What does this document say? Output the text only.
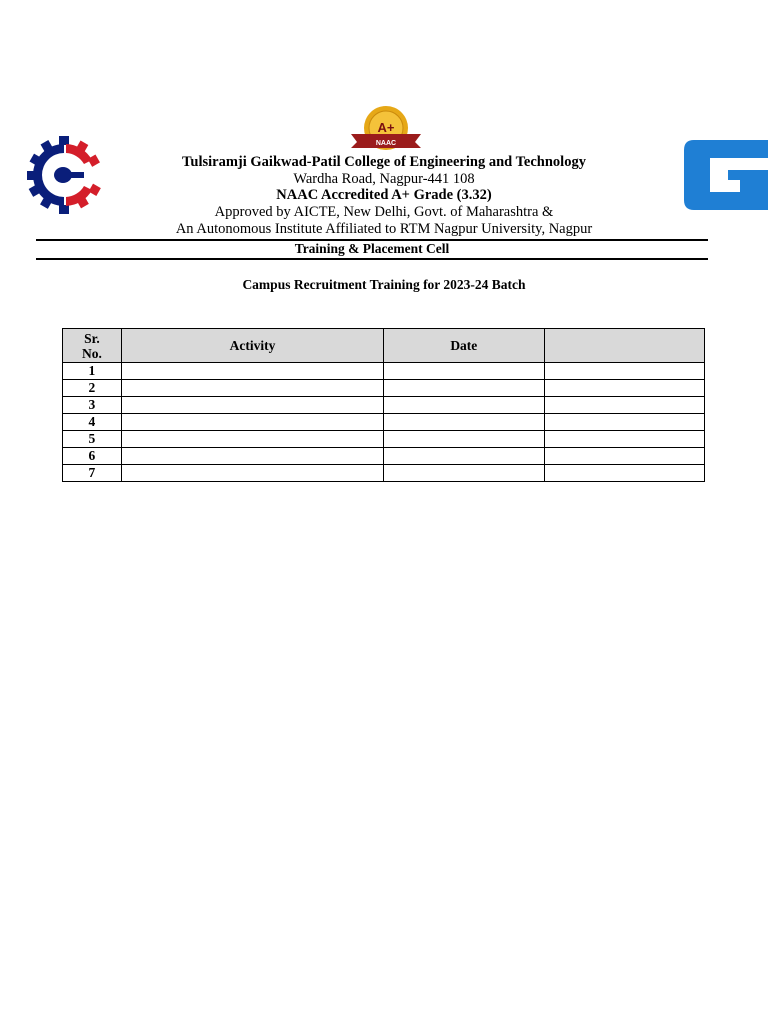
A+
NAAC
Tulsiramji Gaikwad-Patil College of Engineering and Technology
Wardha Road, Nagpur-441 108
NAAC Accredited A+ Grade (3.32)
Approved by AICTE, New Delhi, Govt. of Maharashtra &
An Autonomous Institute Affiliated to RTM Nagpur University, Nagpur
Training & Placement Cell
Campus Recruitment Training for 2023-24 Batch
Sr.
No.	Activity	Date	
1			
2			
3			
4			
5			
6			
7			
